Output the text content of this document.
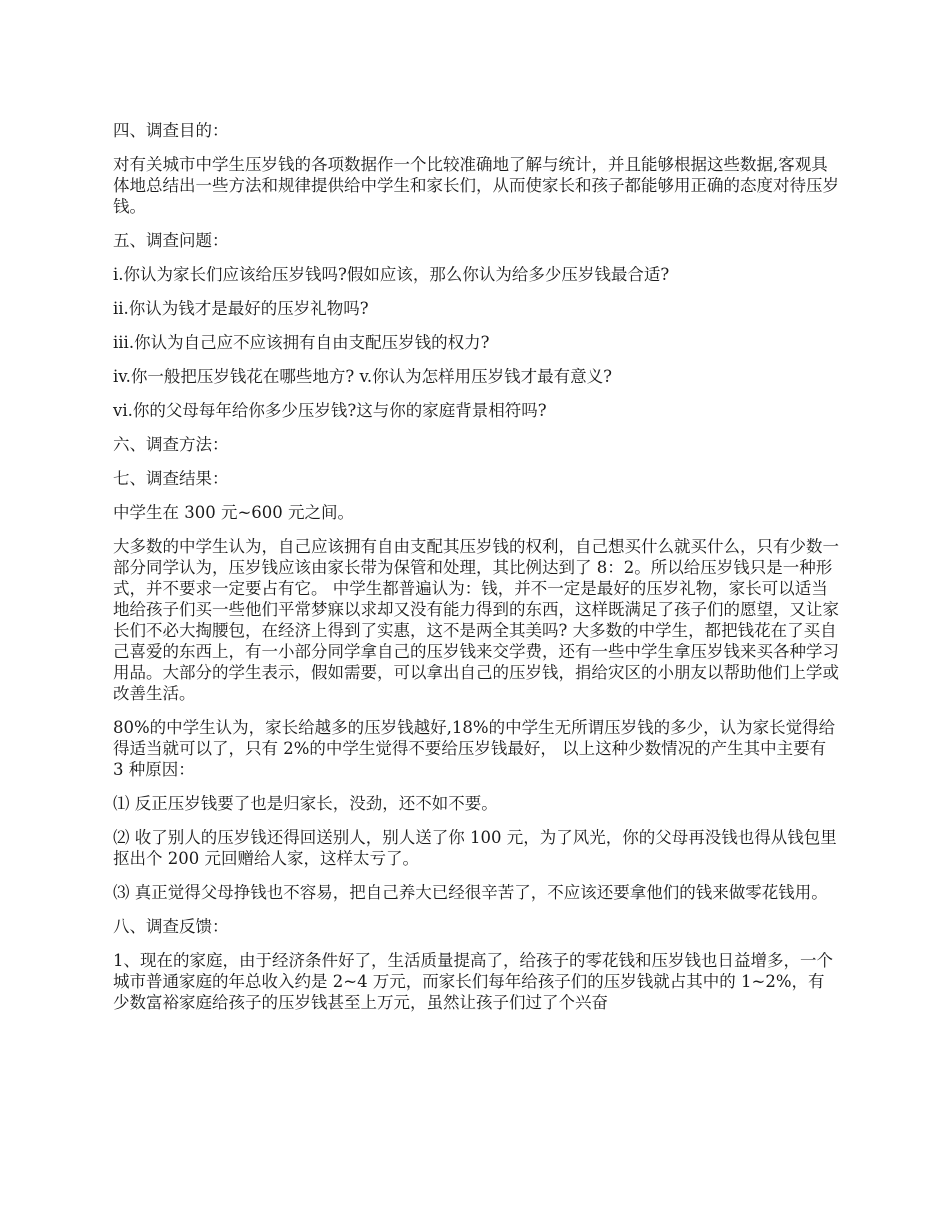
四、调查目的：

对有关城市中学生压岁钱的各项数据作一个比较准确地了解与统计，并且能够根据这些数据,客观具体地总结出一些方法和规律提供给中学生和家长们，从而使家长和孩子都能够用正确的态度对待压岁钱。

五、调查问题：

i.你认为家长们应该给压岁钱吗?假如应该，那么你认为给多少压岁钱最合适?

ii.你认为钱才是最好的压岁礼物吗?

iii.你认为自己应不应该拥有自由支配压岁钱的权力?

iv.你一般把压岁钱花在哪些地方? v.你认为怎样用压岁钱才最有意义?

vi.你的父母每年给你多少压岁钱?这与你的家庭背景相符吗?

六、调查方法：

七、调查结果：

中学生在 300 元~600 元之间。

大多数的中学生认为，自己应该拥有自由支配其压岁钱的权利，自己想买什么就买什么，只有少数一部分同学认为，压岁钱应该由家长带为保管和处理，其比例达到了 8：2。所以给压岁钱只是一种形式，并不要求一定要占有它。 中学生都普遍认为：钱，并不一定是最好的压岁礼物，家长可以适当地给孩子们买一些他们平常梦寐以求却又没有能力得到的东西，这样既满足了孩子们的愿望，又让家长们不必大掏腰包，在经济上得到了实惠，这不是两全其美吗? 大多数的中学生，都把钱花在了买自己喜爱的东西上，有一小部分同学拿自己的压岁钱来交学费，还有一些中学生拿压岁钱来买各种学习用品。大部分的学生表示，假如需要，可以拿出自己的压岁钱，捐给灾区的小朋友以帮助他们上学或改善生活。

80%的中学生认为，家长给越多的压岁钱越好,18%的中学生无所谓压岁钱的多少，认为家长觉得给得适当就可以了，只有 2%的中学生觉得不要给压岁钱最好， 以上这种少数情况的产生其中主要有 3 种原因：

⑴ 反正压岁钱要了也是归家长，没劲，还不如不要。

⑵ 收了别人的压岁钱还得回送别人，别人送了你 100 元，为了风光，你的父母再没钱也得从钱包里抠出个 200 元回赠给人家，这样太亏了。

⑶ 真正觉得父母挣钱也不容易，把自己养大已经很辛苦了，不应该还要拿他们的钱来做零花钱用。

八、调查反馈：

1、现在的家庭，由于经济条件好了，生活质量提高了，给孩子的零花钱和压岁钱也日益增多，一个城市普通家庭的年总收入约是 2~4 万元，而家长们每年给孩子们的压岁钱就占其中的 1~2%，有少数富裕家庭给孩子的压岁钱甚至上万元，虽然让孩子们过了个兴奋
